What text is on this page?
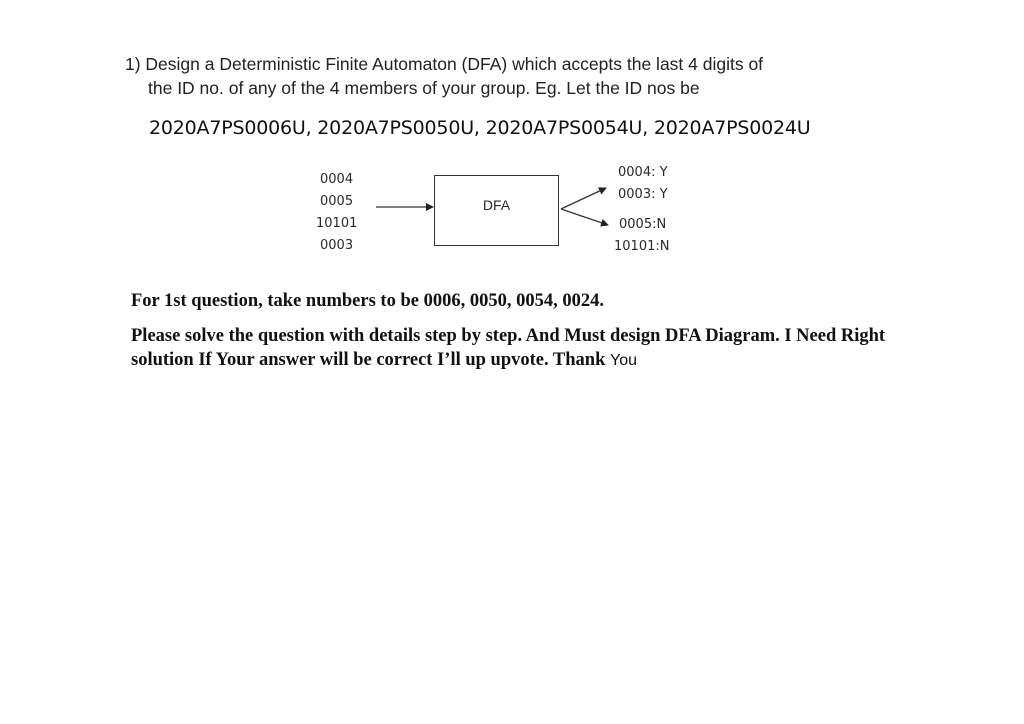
1) Design a Deterministic Finite Automaton (DFA) which accepts the last 4 digits of
the ID no. of any of the 4 members of your group. Eg. Let the ID nos be
2020A7PS0006U, 2020A7PS0050U, 2020A7PS0054U, 2020A7PS0024U
0004
0005
10101
0003
DFA
0004: Y
0003: Y
0005:N
10101:N
For 1st question, take numbers to be 0006, 0050, 0054, 0024.
Please solve the question with details step by step. And Must design DFA Diagram. I Need Right
solution If Your answer will be correct I’ll up upvote. Thank You
